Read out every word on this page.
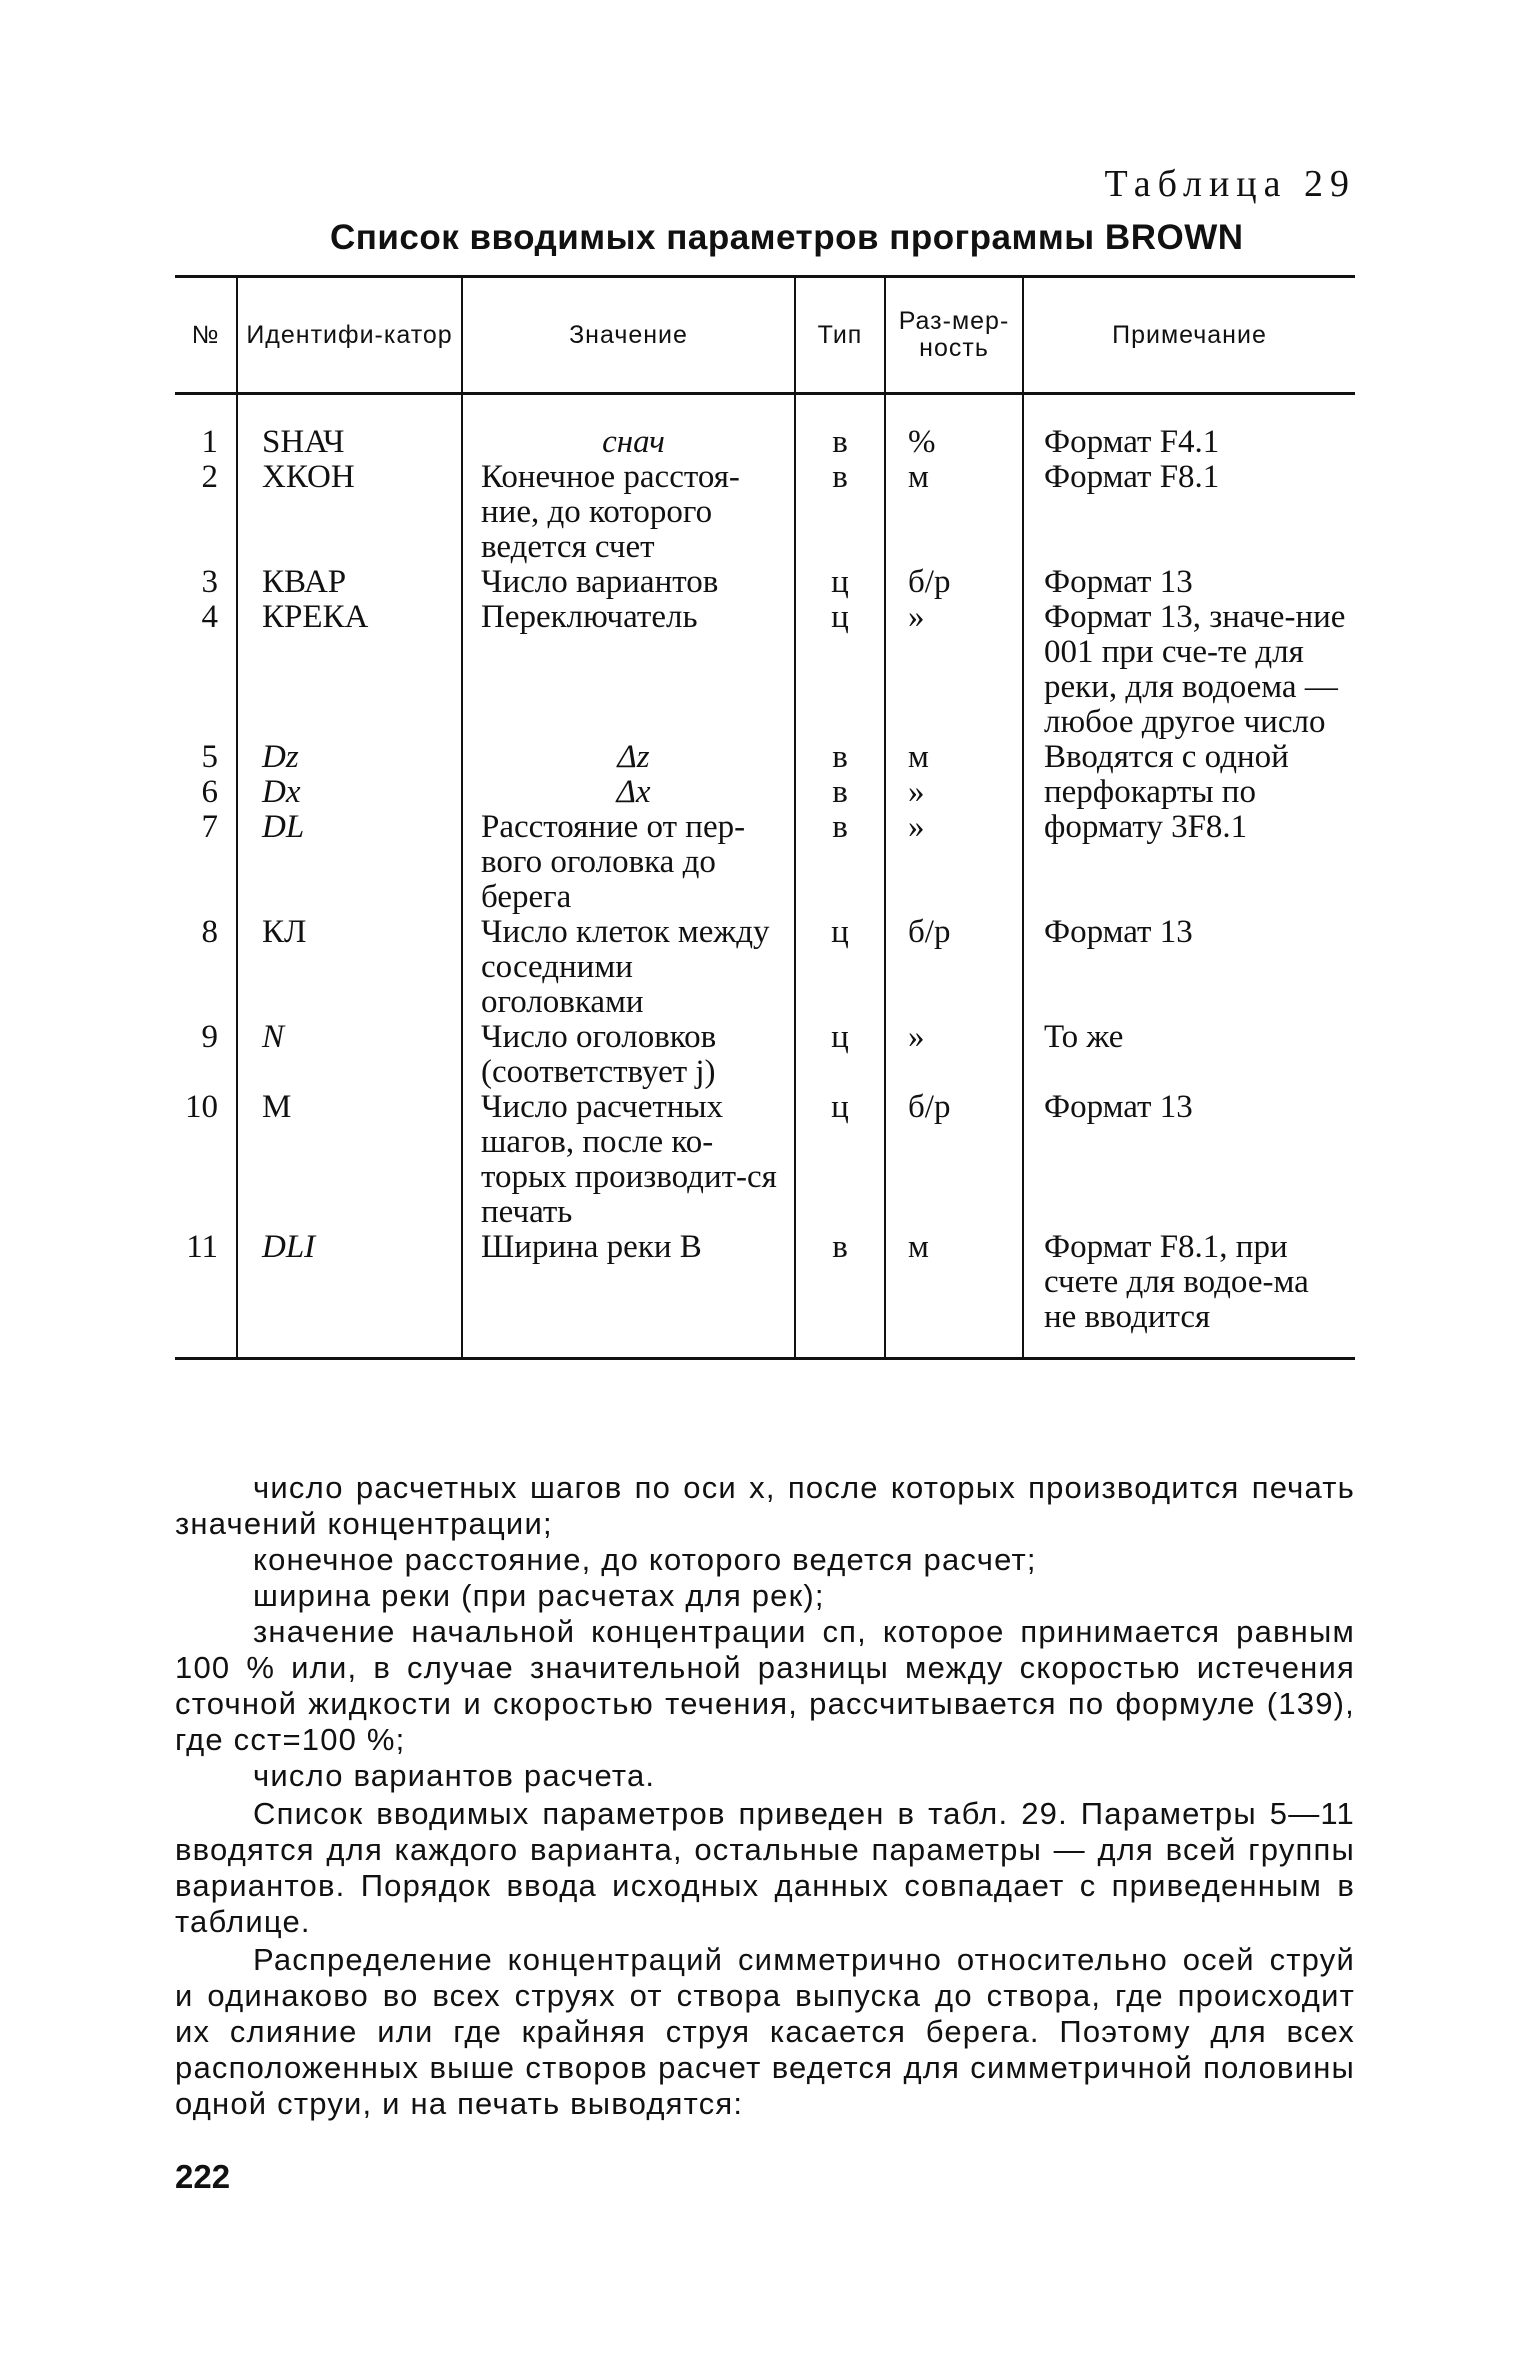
Таблица 29
Список вводимых параметров программы BROWN
№	Идентифи-катор	Значение	Тип	Раз-мер-ность	Примечание
1	SНАЧ	cнач	в	%	Формат F4.1
2	XКОН	Конечное расстоя-ние, до которого ведется счет	в	м	Формат F8.1
3	КВАР	Число вариантов	ц	б/р	Формат 13
4	КРЕКА	Переключатель	ц	»	Формат 13, значе-ние 001 при сче-те для реки, для водоема — любое другое число
5	Dz	Δz	в	м	Вводятся с одной
6	Dx	Δx	в	»	перфокарты по
7	DL	Расстояние от пер-вого оголовка до берега	в	»	формату 3F8.1
8	КЛ	Число клеток между соседними оголовками	ц	б/р	Формат 13
9	N	Число оголовков (соответствует j)	ц	»	То же
10	M	Число расчетных шагов, после ко-торых производит-ся печать	ц	б/р	Формат 13
11	DLI	Ширина реки B	в	м	Формат F8.1, при счете для водое-ма не вводится

число расчетных шагов по оси x, после которых производится печать значений концентрации;

конечное расстояние, до которого ведется расчет;

ширина реки (при расчетах для рек);

значение начальной концентрации cп, которое принимается равным 100 % или, в случае значительной разницы между скоростью истечения сточной жидкости и скоростью течения, рассчитывается по формуле (139), где cст=100 %;

число вариантов расчета.

Список вводимых параметров приведен в табл. 29. Параметры 5—11 вводятся для каждого варианта, остальные параметры — для всей группы вариантов. Порядок ввода исходных данных совпадает с приведенным в таблице.

Распределение концентраций симметрично относительно осей струй и одинаково во всех струях от створа выпуска до створа, где происходит их слияние или где крайняя струя касается берега. Поэтому для всех расположенных выше створов расчет ведется для симметричной половины одной струи, и на печать выводятся:

222
